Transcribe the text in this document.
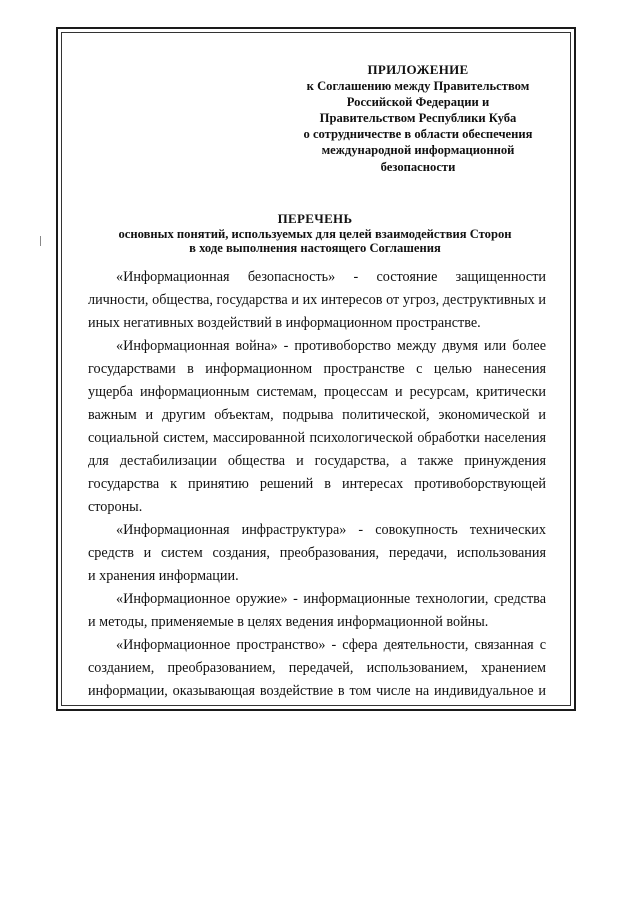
ПРИЛОЖЕНИЕ
к Соглашению между Правительством
Российской Федерации и
Правительством Республики Куба
о сотрудничестве в области обеспечения
международной информационной
безопасности
ПЕРЕЧЕНЬ
основных понятий, используемых для целей взаимодействия Сторон
в ходе выполнения настоящего Соглашения
«Информационная безопасность» - состояние защищенности
личности, общества, государства и их интересов от угроз, деструктивных и
иных негативных воздействий в информационном пространстве.
«Информационная война» - противоборство между двумя или более
государствами в информационном пространстве с целью нанесения
ущерба информационным системам, процессам и ресурсам, критически
важным и другим объектам, подрыва политической, экономической и
социальной систем, массированной психологической обработки населения
для дестабилизации общества и государства, а также принуждения
государства к принятию решений в интересах противоборствующей
стороны.
«Информационная инфраструктура» - совокупность технических
средств и систем создания, преобразования, передачи, использования
и хранения информации.
«Информационное оружие» - информационные технологии, средства
и методы, применяемые в целях ведения информационной войны.
«Информационное пространство» - сфера деятельности, связанная с
созданием, преобразованием, передачей, использованием, хранением
информации, оказывающая воздействие в том числе на индивидуальное и
